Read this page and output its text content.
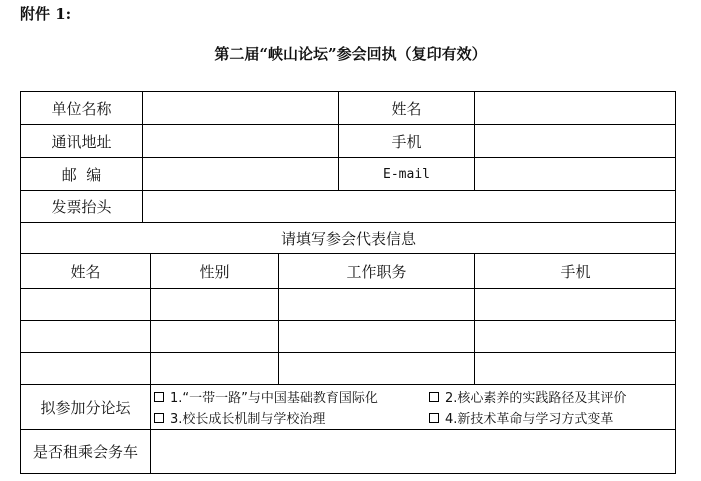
附件 1:
第二届“峡山论坛”参会回执（复印有效）
单位名称	姓名
通讯地址	手机
邮  编	E-mail
发票抬头
请填写参会代表信息
姓名	性别	工作职务	手机
拟参加分论坛	1.“一带一路”与中国基础教育国际化	2.核心素养的实践路径及其评价
3.校长成长机制与学校治理	4.新技术革命与学习方式变革
是否租乘会务车
